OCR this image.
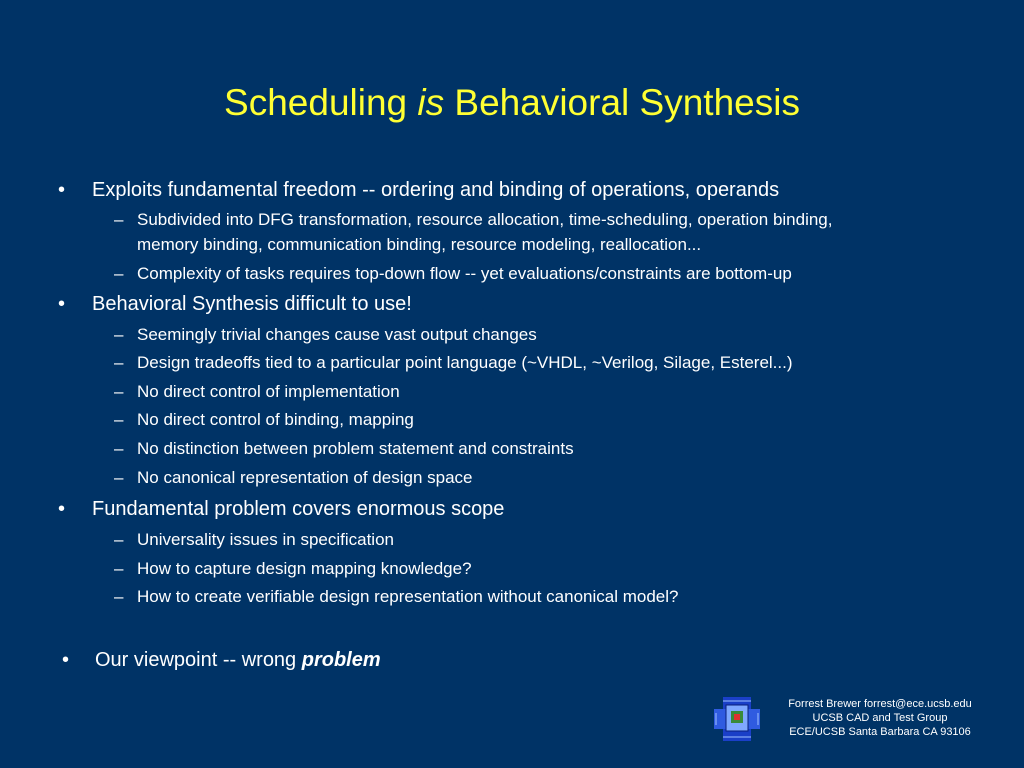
Scheduling is Behavioral Synthesis
• Exploits fundamental freedom -- ordering and binding of operations, operands
– Subdivided into DFG transformation, resource allocation, time-scheduling, operation binding,
memory binding, communication binding, resource modeling, reallocation...
– Complexity of tasks requires top-down flow -- yet evaluations/constraints are bottom-up
• Behavioral Synthesis difficult to use!
– Seemingly trivial changes cause vast output changes
– Design tradeoffs tied to a particular point language (~VHDL, ~Verilog, Silage, Esterel...)
– No direct control of implementation
– No direct control of binding, mapping
– No distinction between problem statement and constraints
– No canonical representation of design space
• Fundamental problem covers enormous scope
– Universality issues in specification
– How to capture design mapping knowledge?
– How to create verifiable design representation without canonical model?
• Our viewpoint -- wrong problem
Forrest Brewer forrest@ece.ucsb.edu
UCSB CAD and Test Group
ECE/UCSB Santa Barbara CA 93106
